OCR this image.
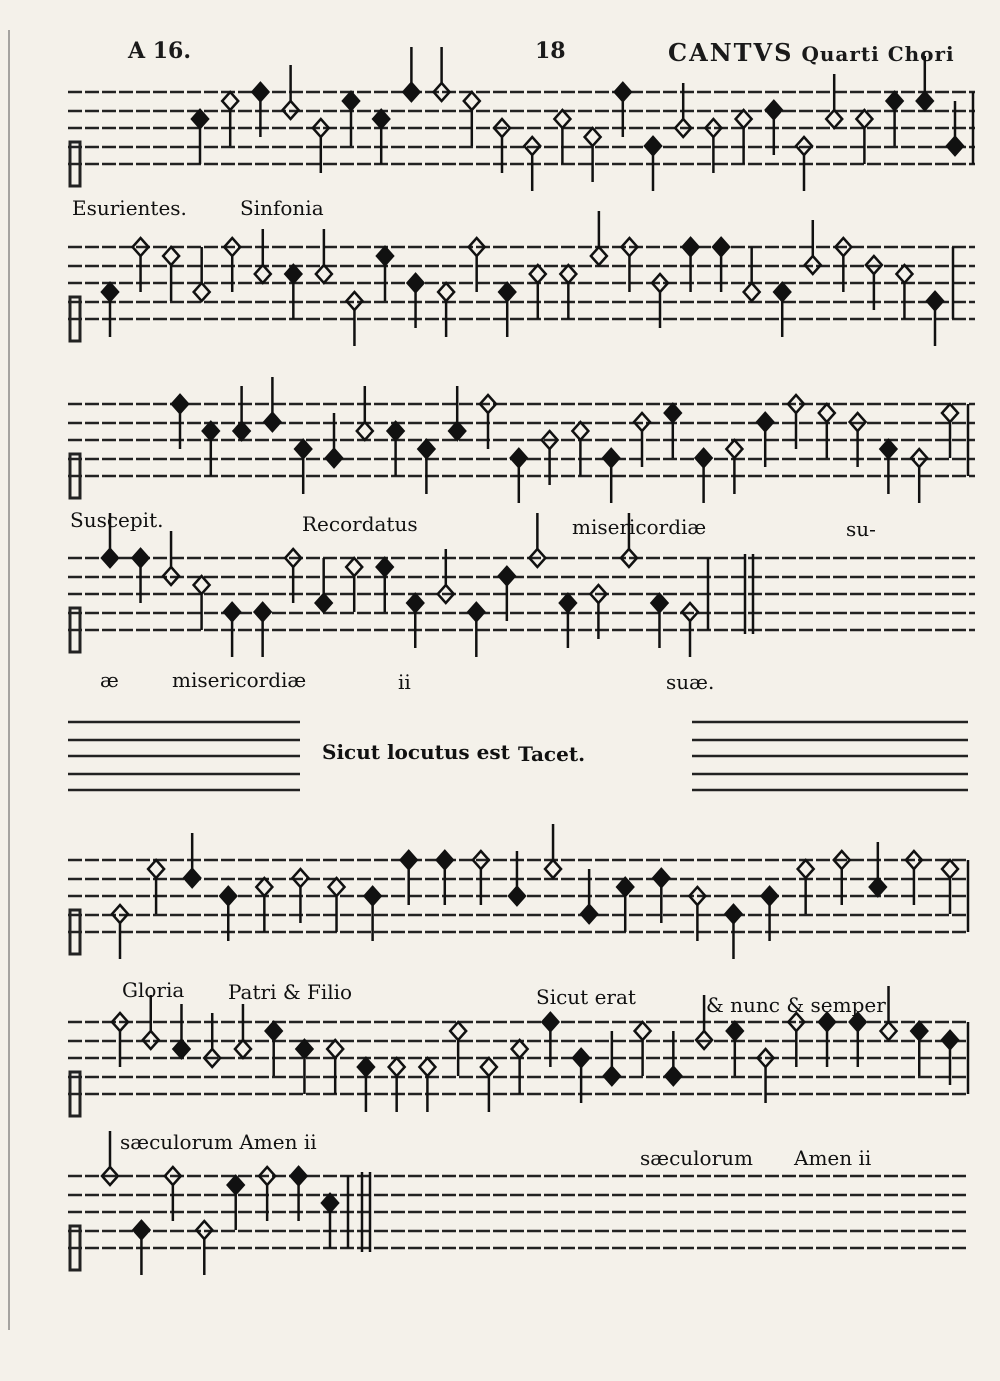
A 16.	18	CANTVS Quarti Chori
Esurientes.	Sinfonia
Suscepit.	Recordatus	misericordiæ	su-
æ	misericordiæ	ii	suæ.
Sicut locutus est Tacet.
Gloria Patri & Filio	Sicut erat	& nunc & semper
sæculorum Amen ii
sæculorum Amen ii
